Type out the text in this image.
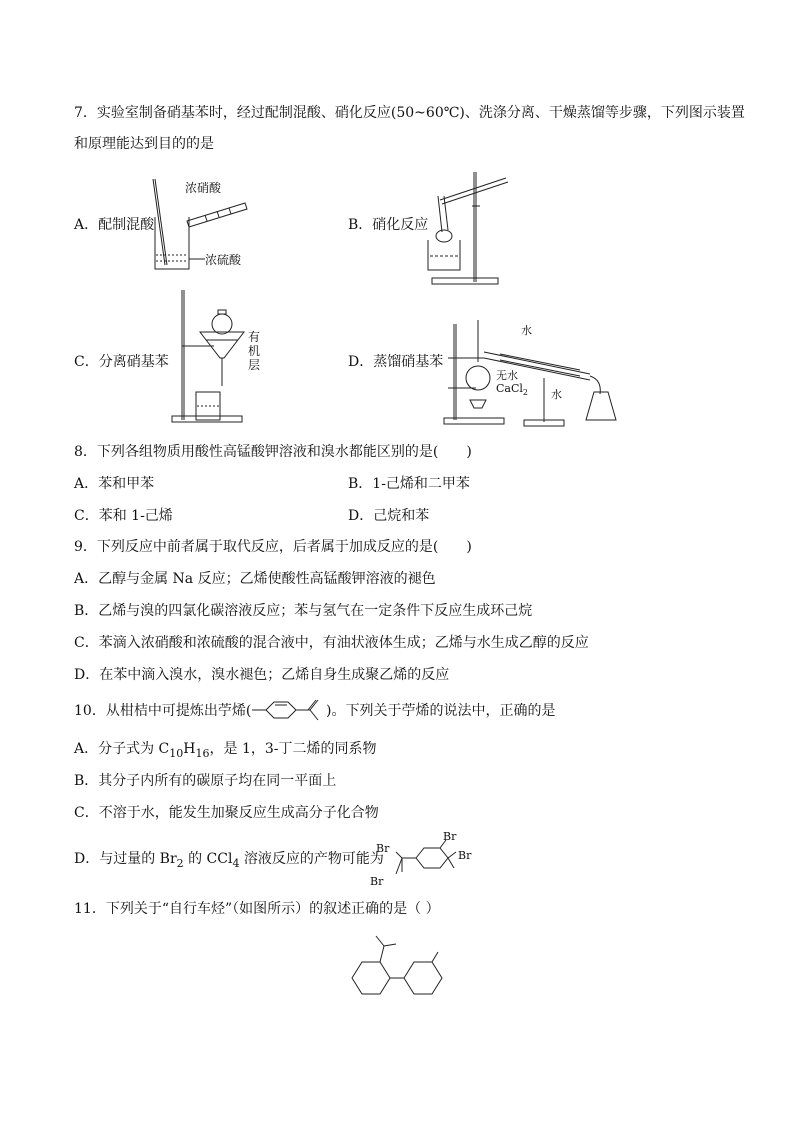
7．实验室制备硝基苯时，经过配制混酸、硝化反应(50~60℃)、洗涤分离、干燥蒸馏等步骤，下列图示装置
和原理能达到目的的是
A．配制混酸
浓硝酸
浓硫酸
B．硝化反应
C．分离硝基苯
有
机
层	D．蒸馏硝基苯
水
水
无水
CaCl$_2$
8．下列各组物质用酸性高锰酸钾溶液和溴水都能区别的是(　　)
A．苯和甲苯	B．1-己烯和二甲苯
C．苯和 1-己烯	D．己烷和苯
9．下列反应中前者属于取代反应，后者属于加成反应的是(　　)
A．乙醇与金属 Na 反应；乙烯使酸性高锰酸钾溶液的褪色
B．乙烯与溴的四氯化碳溶液反应；苯与氢气在一定条件下反应生成环己烷
C．苯滴入浓硝酸和浓硫酸的混合液中，有油状液体生成；乙烯与水生成乙醇的反应
D．在苯中滴入溴水，溴水褪色；乙烯自身生成聚乙烯的反应
10．从柑桔中可提炼出苧烯(	)。下列关于苧烯的说法中，正确的是
A．分子式为 $C_{10}H_{16}$，是 1，3-丁二烯的同系物
B．其分子内所有的碳原子均在同一平面上
C．不溶于水，能发生加聚反应生成高分子化合物
D．与过量的 $Br_2$ 的 CCl$_4$ 溶液反应的产物可能为
Br
Br
Br
Br
11．下列关于“自行车烃”（如图所示）的叙述正确的是（ ）
